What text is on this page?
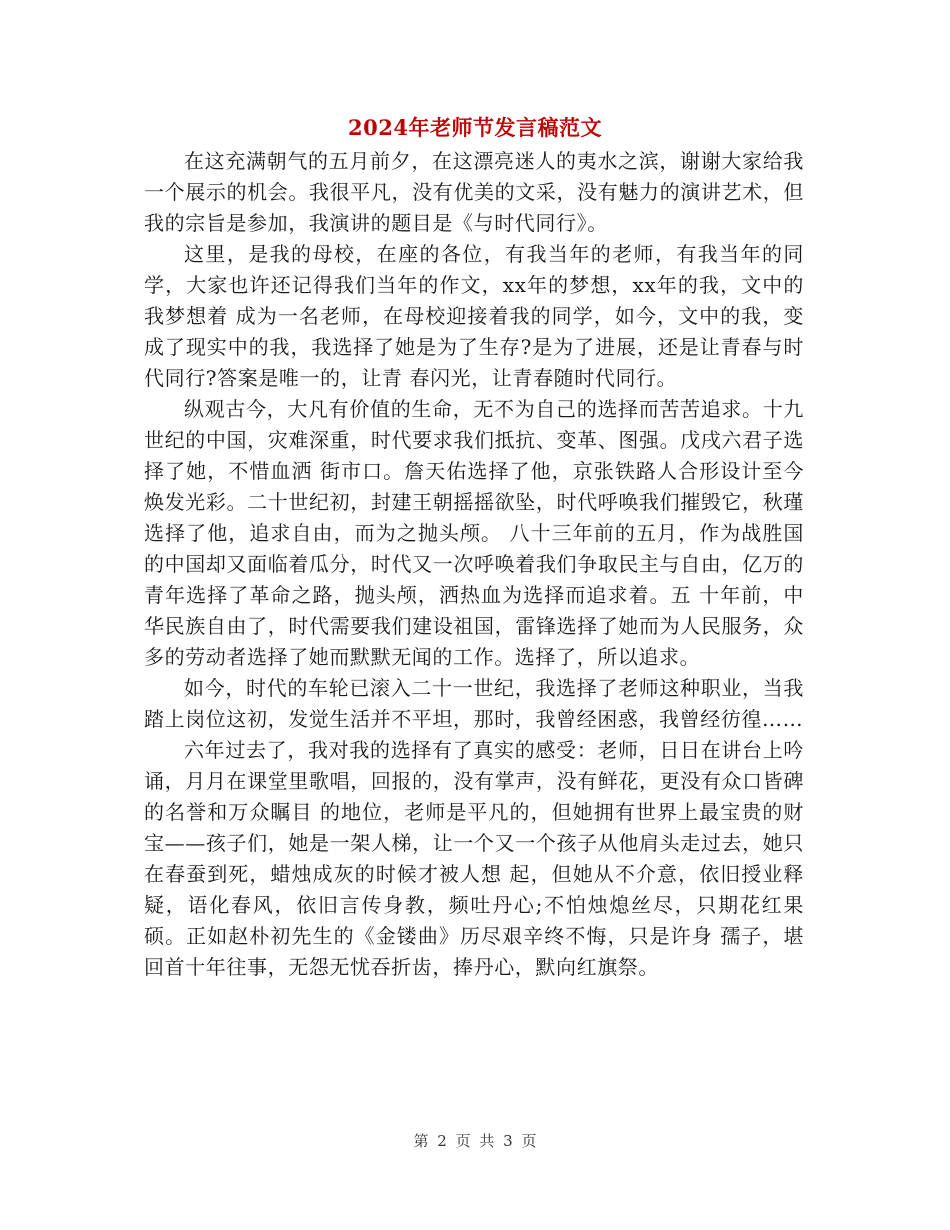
2024年老师节发言稿范文

在这充满朝气的五月前夕，在这漂亮迷人的夷水之滨，谢谢大家给我一个展示的机会。我很平凡，没有优美的文采，没有魅力的演讲艺术，但我的宗旨是参加，我演讲的题目是《与时代同行》。

这里，是我的母校，在座的各位，有我当年的老师，有我当年的同学，大家也许还记得我们当年的作文，xx年的梦想，xx年的我，文中的我梦想着 成为一名老师，在母校迎接着我的同学，如今，文中的我，变成了现实中的我，我选择了她是为了生存?是为了进展，还是让青春与时代同行?答案是唯一的，让青 春闪光，让青春随时代同行。

纵观古今，大凡有价值的生命，无不为自己的选择而苦苦追求。十九世纪的中国，灾难深重，时代要求我们抵抗、变革、图强。戊戌六君子选择了她，不惜血洒 街市口。詹天佑选择了他，京张铁路人合形设计至今焕发光彩。二十世纪初，封建王朝摇摇欲坠，时代呼唤我们摧毁它，秋瑾选择了他，追求自由，而为之抛头颅。 八十三年前的五月，作为战胜国的中国却又面临着瓜分，时代又一次呼唤着我们争取民主与自由，亿万的青年选择了革命之路，抛头颅，洒热血为选择而追求着。五 十年前，中华民族自由了，时代需要我们建设祖国，雷锋选择了她而为人民服务，众多的劳动者选择了她而默默无闻的工作。选择了，所以追求。

如今，时代的车轮已滚入二十一世纪，我选择了老师这种职业，当我踏上岗位这初，发觉生活并不平坦，那时，我曾经困惑，我曾经彷徨……

六年过去了，我对我的选择有了真实的感受：老师，日日在讲台上吟诵，月月在课堂里歌唱，回报的，没有掌声，没有鲜花，更没有众口皆碑的名誉和万众瞩目 的地位，老师是平凡的，但她拥有世界上最宝贵的财宝——孩子们，她是一架人梯，让一个又一个孩子从他肩头走过去，她只在春蚕到死，蜡烛成灰的时候才被人想 起，但她从不介意，依旧授业释疑，语化春风，依旧言传身教，频吐丹心;不怕烛熄丝尽，只期花红果硕。正如赵朴初先生的《金镂曲》历尽艰辛终不悔，只是许身 孺子，堪回首十年往事，无怨无忧吞折齿，捧丹心，默向红旗祭。

第 2 页 共 3 页
